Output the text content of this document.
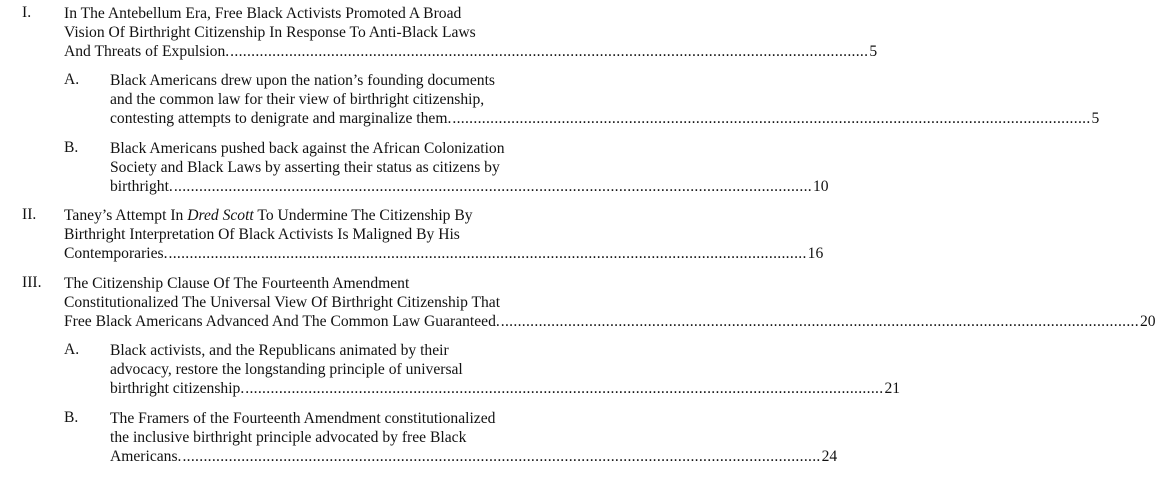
I. In The Antebellum Era, Free Black Activists Promoted A Broad
Vision Of Birthright Citizenship In Response To Anti-Black Laws
And Threats of Expulsion. ........................................................................................................................................................ 5
A. Black Americans drew upon the nation’s founding documents
and the common law for their view of birthright citizenship,
contesting attempts to denigrate and marginalize them. ........................................................................................................................................................ 5
B. Black Americans pushed back against the African Colonization
Society and Black Laws by asserting their status as citizens by
birthright. ........................................................................................................................................................ 10
II. Taney’s Attempt In Dred Scott To Undermine The Citizenship By
Birthright Interpretation Of Black Activists Is Maligned By His
Contemporaries. ........................................................................................................................................................ 16
III. The Citizenship Clause Of The Fourteenth Amendment
Constitutionalized The Universal View Of Birthright Citizenship That
Free Black Americans Advanced And The Common Law Guaranteed. ........................................................................................................................................................ 20
A. Black activists, and the Republicans animated by their
advocacy, restore the longstanding principle of universal
birthright citizenship. ........................................................................................................................................................ 21
B. The Framers of the Fourteenth Amendment constitutionalized
the inclusive birthright principle advocated by free Black
Americans. ........................................................................................................................................................ 24
